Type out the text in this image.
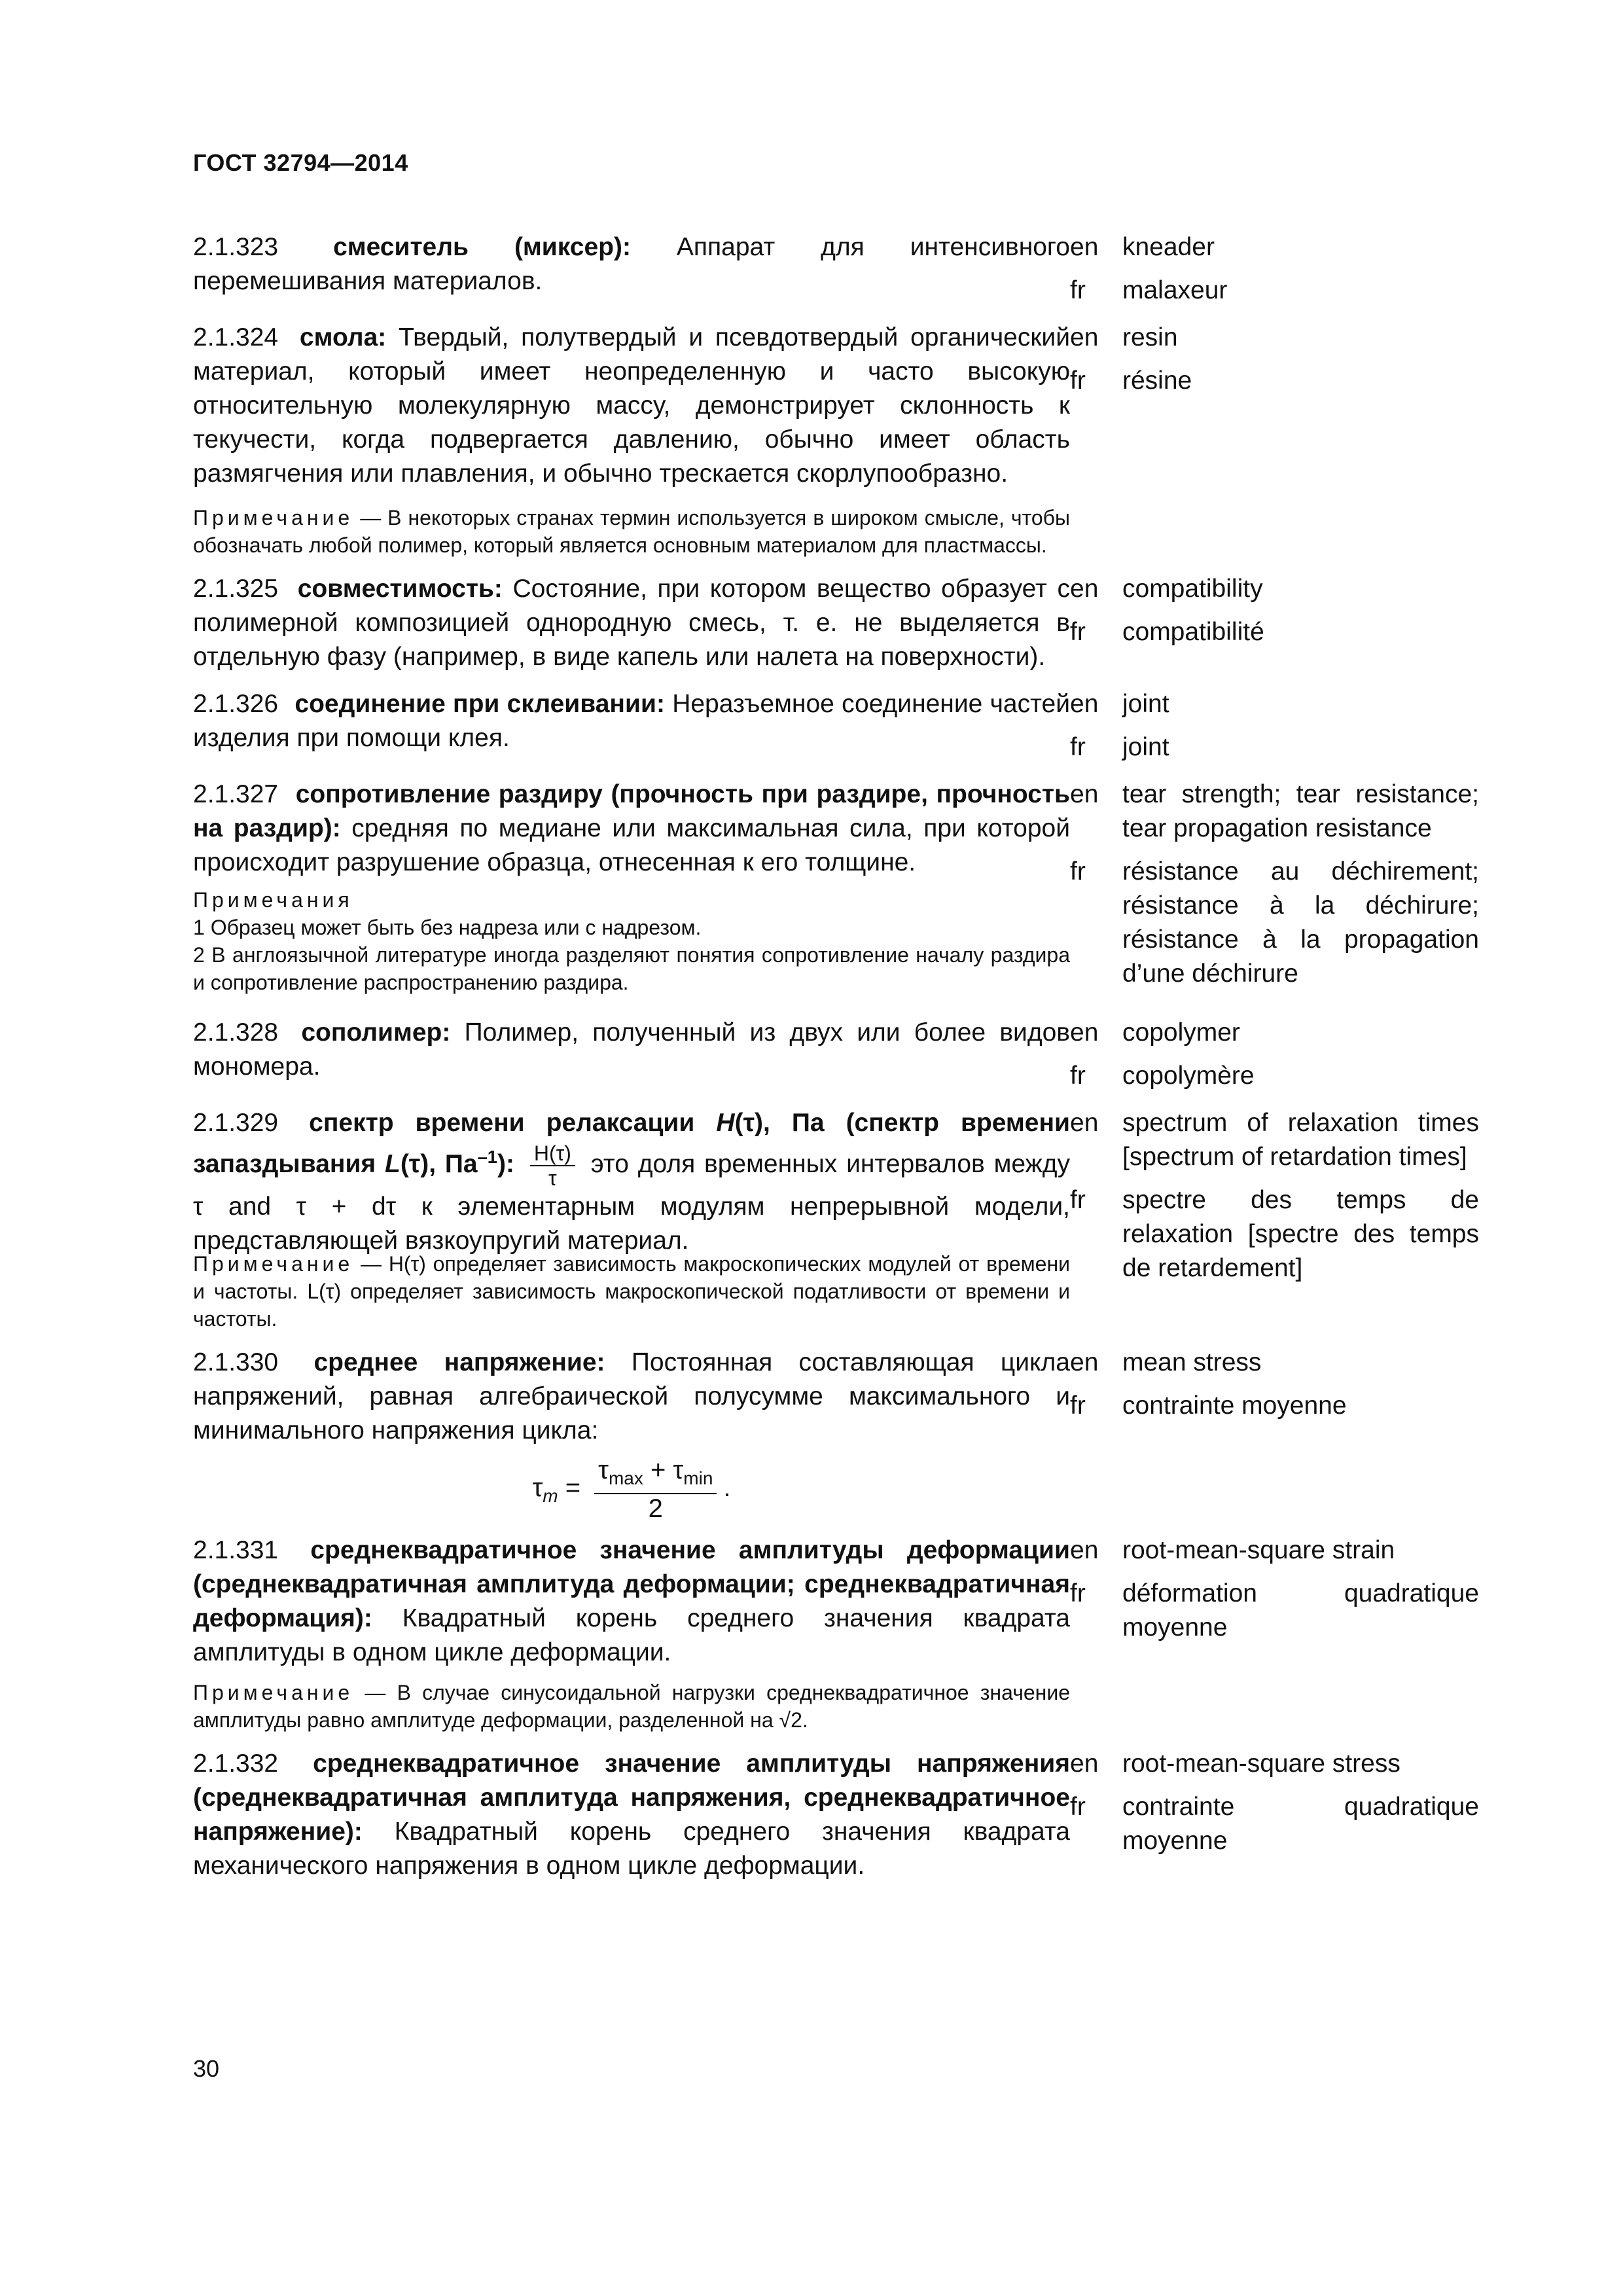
ГОСТ 32794—2014
2.1.323 смеситель (миксер): Аппарат для интенсивного перемешивания материалов.
en kneader
fr	malaxeur
2.1.324 смола: Твердый, полутвердый и псевдотвердый органический материал, который имеет неопределенную и часто высокую относительную молекулярную массу, демонстрирует склонность к текучести, когда подвергается давлению, обычно имеет область размягчения или плавления, и обычно трескается скорлупообразно.
en resin
fr	résine
Примечание — В некоторых странах термин используется в широком смысле, чтобы обозначать любой полимер, который является основным материалом для пластмассы.
2.1.325 совместимость: Состояние, при котором вещество образует с полимерной композицией однородную смесь, т. е. не выделяется в отдельную фазу (например, в виде капель или налета на поверхности).
en compatibility
fr	compatibilité
2.1.326 соединение при склеивании: Неразъемное соединение частей изделия при помощи клея.
en joint
fr	joint
2.1.327 сопротивление раздиру (прочность при раздире, прочность на раздир): средняя по медиане или максимальная сила, при которой происходит разрушение образца, отнесенная к его толщине.
Примечания
1 Образец может быть без надреза или с надрезом.
2 В англоязычной литературе иногда разделяют понятия сопротивление началу раздира и сопротивление распространению раздира.
en tear strength; tear resistance; tear propagation resistance
fr	résistance au déchirement; résistance à la déchirure; résistance à la propagation d’une déchirure
2.1.328 сополимер: Полимер, полученный из двух или более видов мономера.
en copolymer
fr	copolymère
2.1.329 спектр времени релаксации H(τ), Па (спектр времени запаздывания L(τ), $Па^{-1}$): $\frac{H(\tau)}{\tau}$ это доля временных интервалов между τ and τ + dτ к элементарным модулям непрерывной модели, представляющей вязкоупругий материал.
en spectrum of relaxation times [spectrum of retardation times]
fr	spectre des temps de relaxation [spectre des temps de retardement]
Примечание — H(τ) определяет зависимость макроскопических модулей от времени и частоты. L(τ) определяет зависимость макроскопической податливости от времени и частоты.
2.1.330 среднее напряжение: Постоянная составляющая цикла напряжений, равная алгебраической полусумме максимального и минимального напряжения цикла:
en mean stress
fr	contrainte moyenne
$\tau_m = \frac{\tau_{max} + \tau_{min}}{2}$ .
2.1.331 среднеквадратичное значение амплитуды деформации (среднеквадратичная амплитуда деформации; среднеквадратичная деформация): Квадратный корень среднего значения квадрата амплитуды в одном цикле деформации.
en root-mean-square strain
fr	déformation quadratique moyenne
Примечание — В случае синусоидальной нагрузки среднеквадратичное значение амплитуды равно амплитуде деформации, разделенной на √2.
2.1.332 среднеквадратичное значение амплитуды напряжения (среднеквадратичная амплитуда напряжения, среднеквадратичное напряжение): Квадратный корень среднего значения квадрата механического напряжения в одном цикле деформации.
en root-mean-square stress
fr	contrainte quadratique moyenne
30
